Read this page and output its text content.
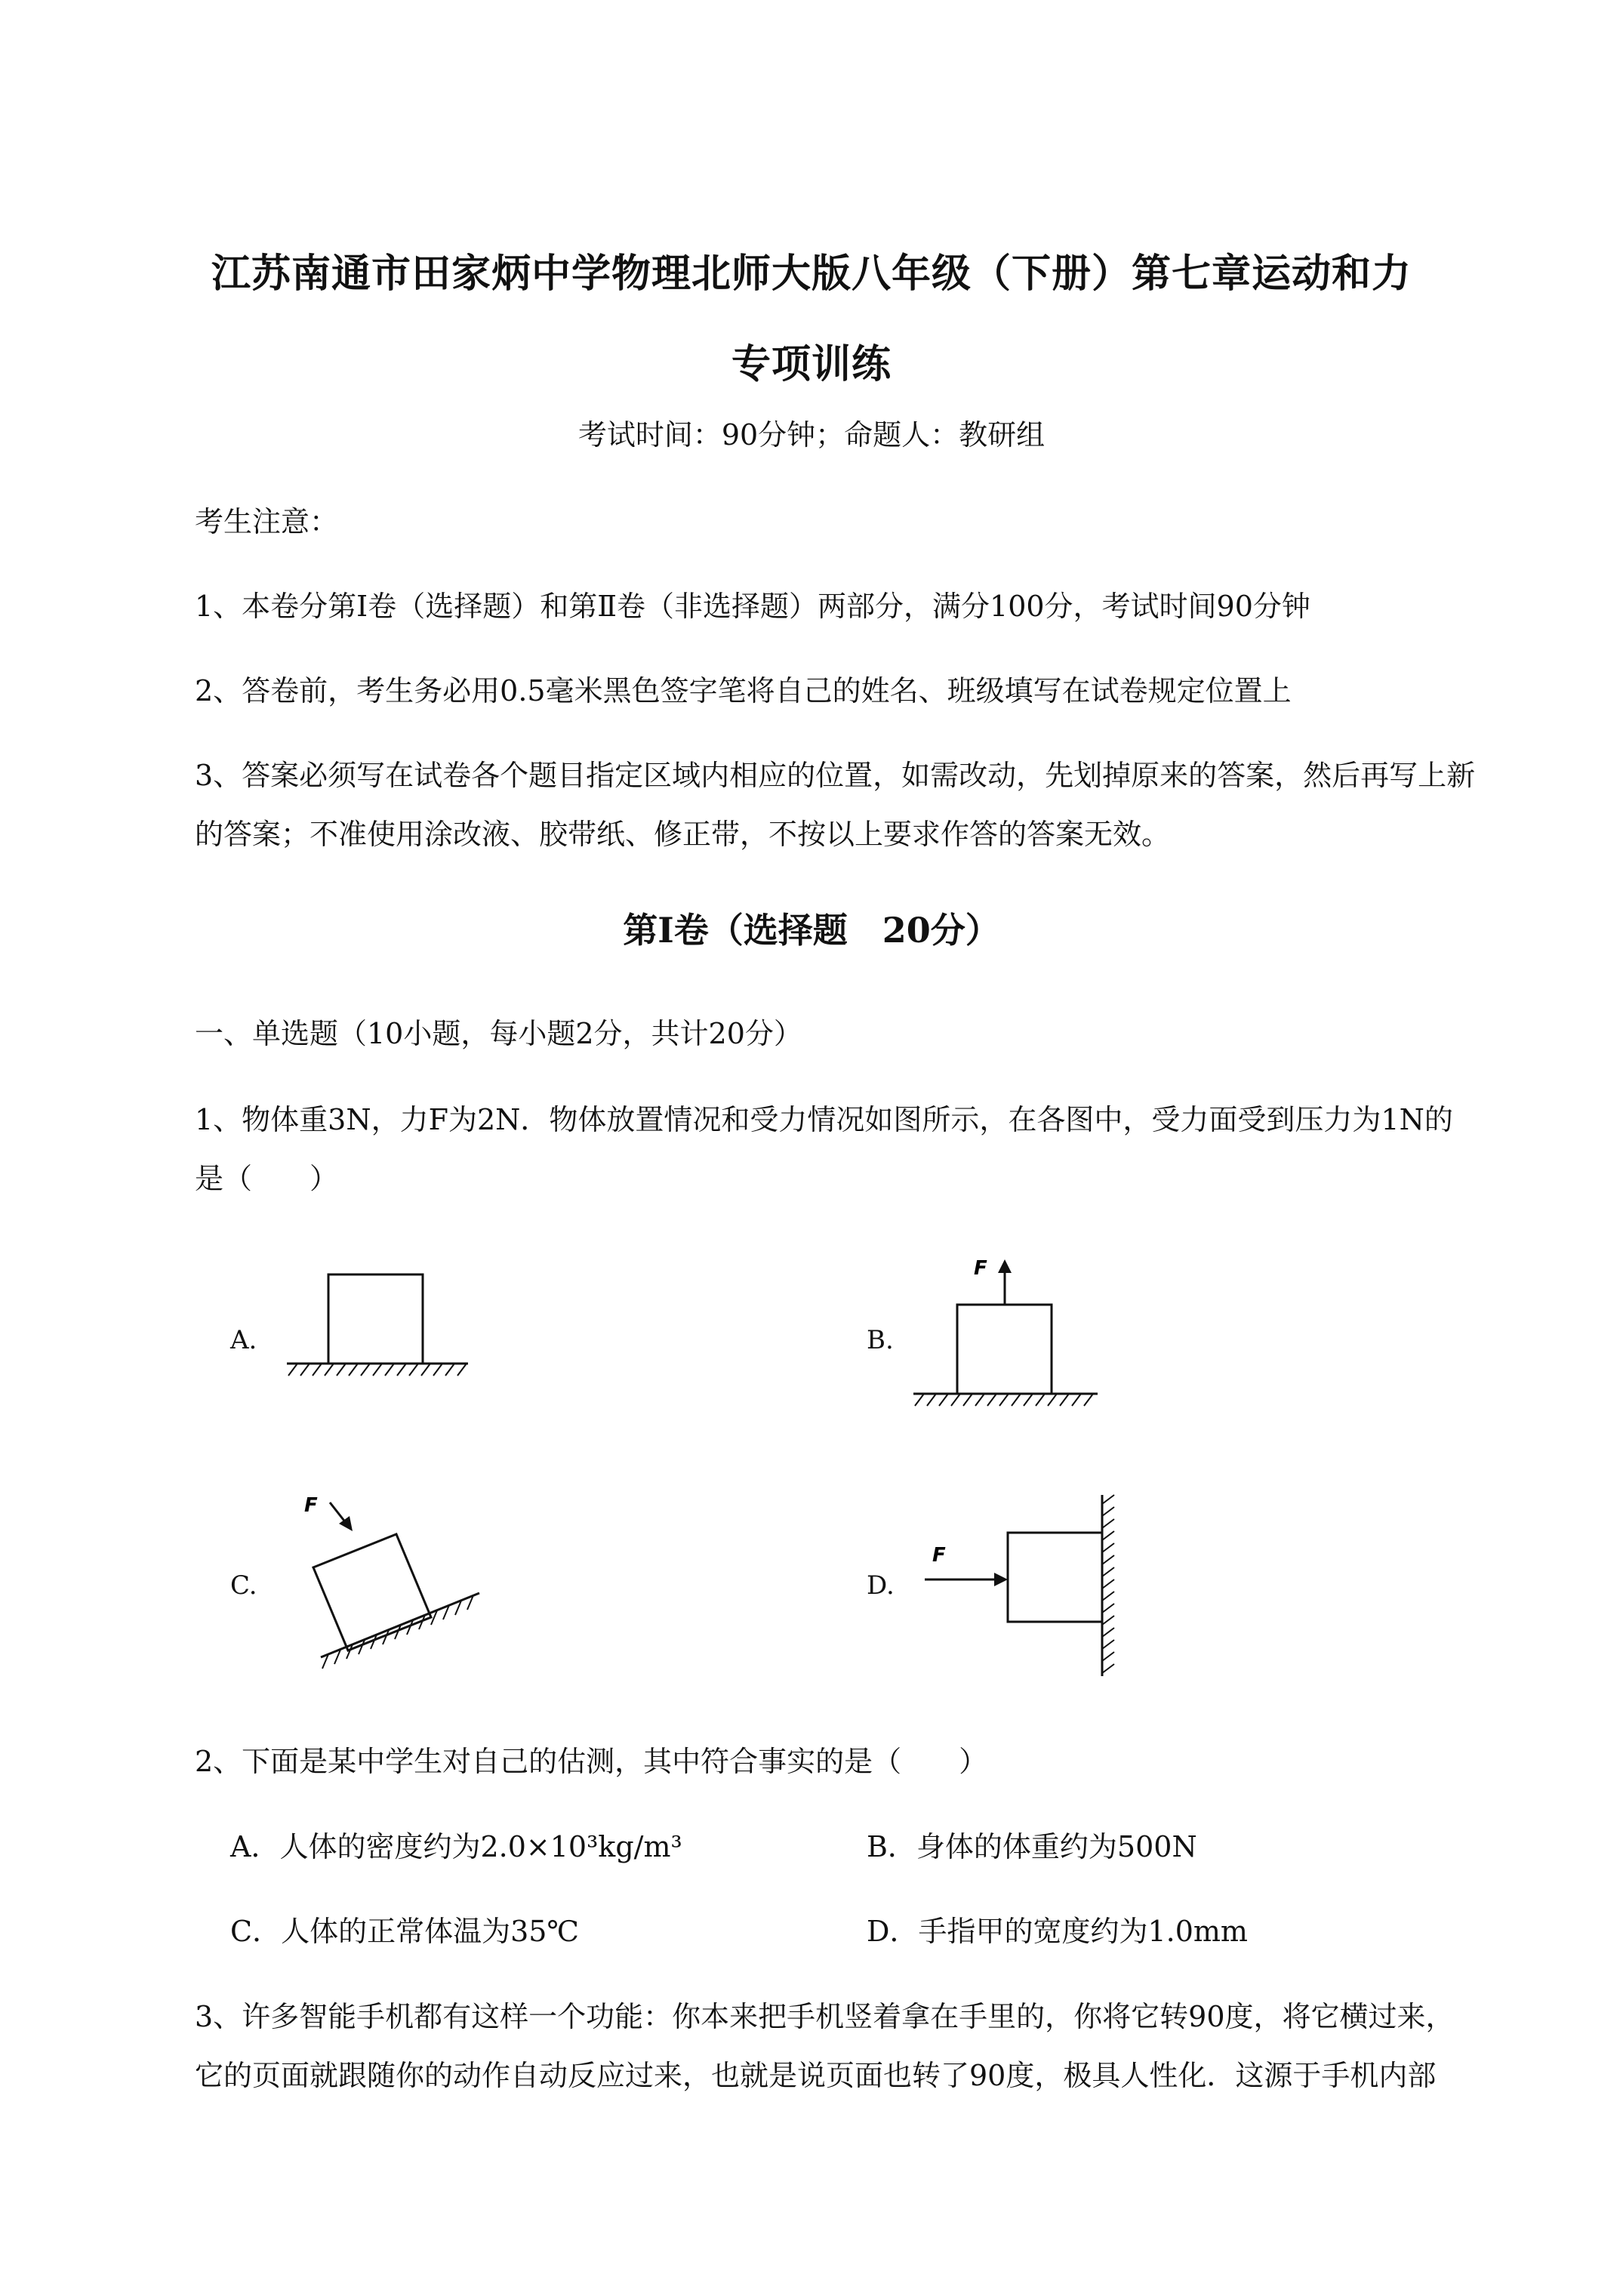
江苏南通市田家炳中学物理北师大版八年级（下册）第七章运动和力
专项训练
考试时间：90分钟；命题人：教研组
考生注意：
1、本卷分第I卷（选择题）和第Ⅱ卷（非选择题）两部分，满分100分，考试时间90分钟
2、答卷前，考生务必用0.5毫米黑色签字笔将自己的姓名、班级填写在试卷规定位置上
3、答案必须写在试卷各个题目指定区域内相应的位置，如需改动，先划掉原来的答案，然后再写上新
的答案；不准使用涂改液、胶带纸、修正带，不按以上要求作答的答案无效。
第I卷（选择题　20分）
一、单选题（10小题，每小题2分，共计20分）
1、物体重3N，力F为2N．物体放置情况和受力情况如图所示，在各图中，受力面受到压力为1N的
是（　　）
A.	B.
F
C.
F
D.
F
2、下面是某中学生对自己的估测，其中符合事实的是（　　）
A．人体的密度约为2.0×10³kg/m³	B．身体的体重约为500N
C．人体的正常体温为35℃	D．手指甲的宽度约为1.0mm
3、许多智能手机都有这样一个功能：你本来把手机竖着拿在手里的，你将它转90度，将它横过来，
它的页面就跟随你的动作自动反应过来，也就是说页面也转了90度，极具人性化．这源于手机内部
